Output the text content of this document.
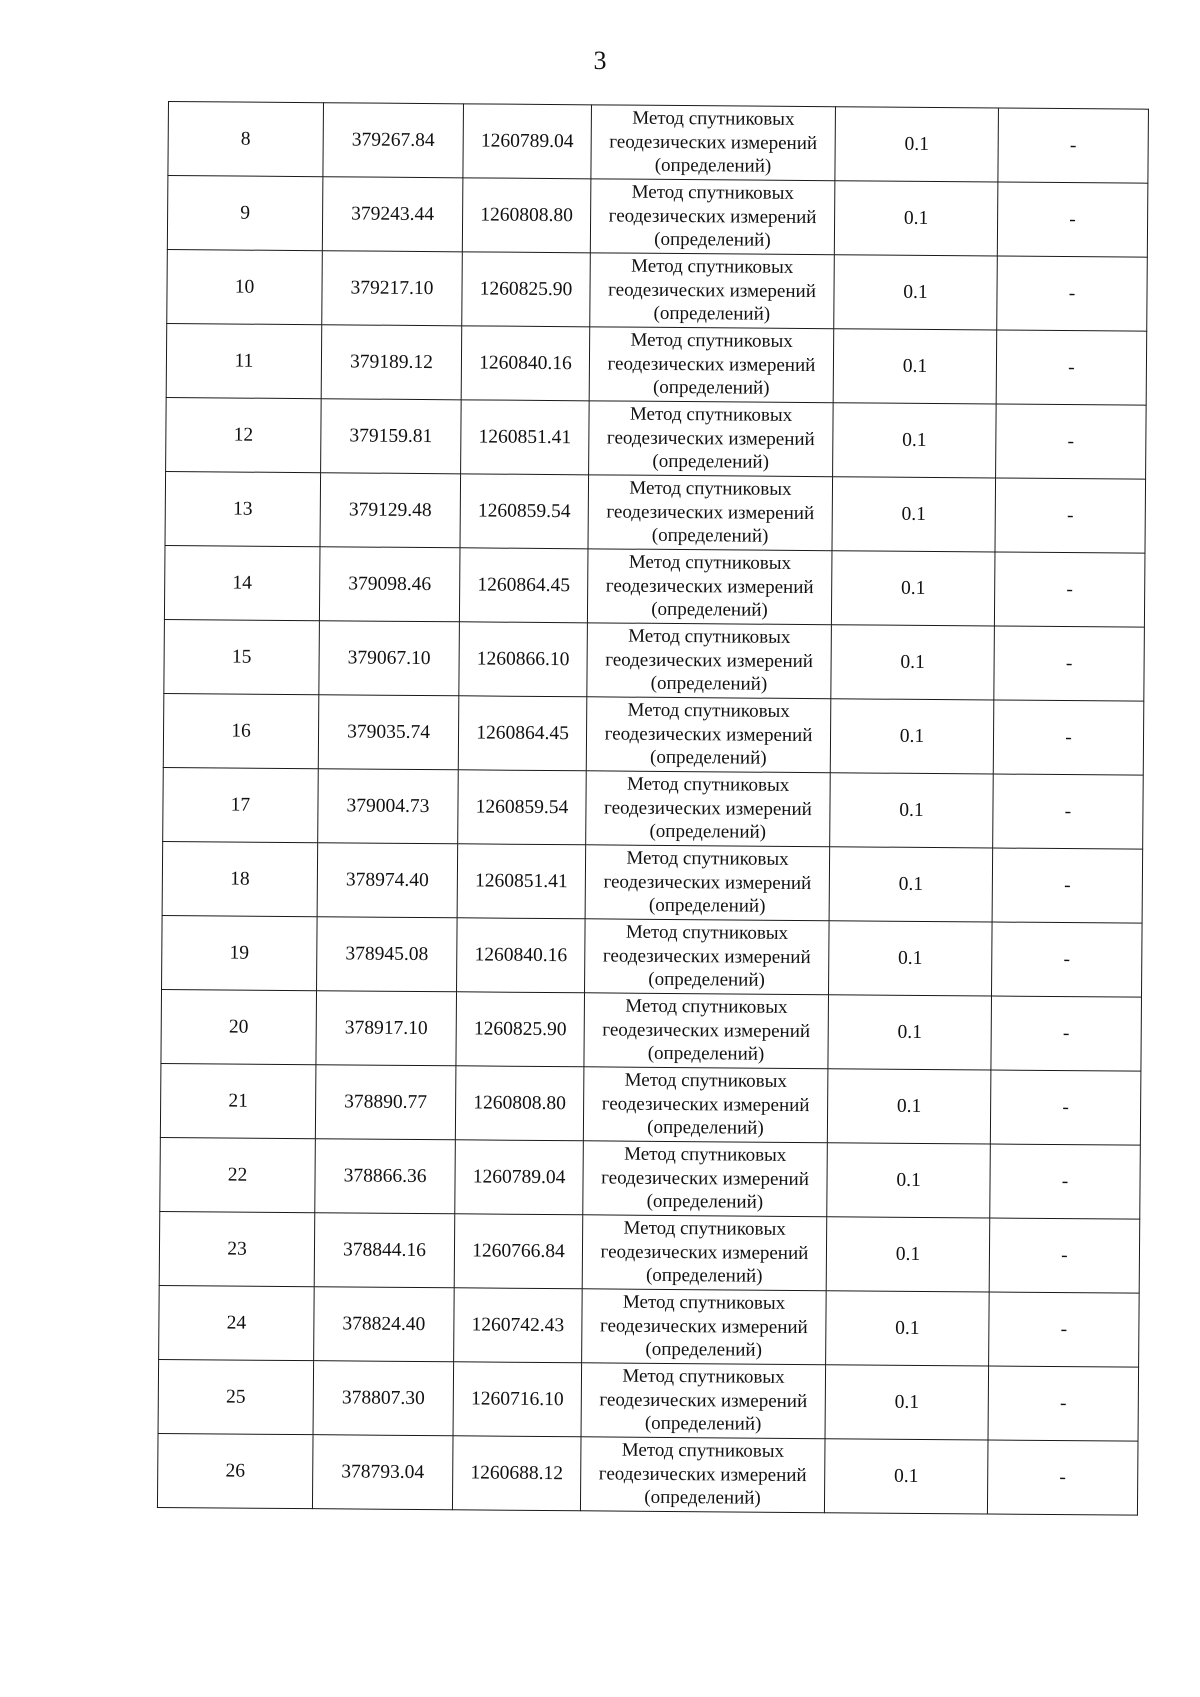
3
8	379267.84	1260789.04	Метод спутниковых
геодезических измерений
(определений)	0.1	-
9	379243.44	1260808.80	Метод спутниковых
геодезических измерений
(определений)	0.1	-
10	379217.10	1260825.90	Метод спутниковых
геодезических измерений
(определений)	0.1	-
11	379189.12	1260840.16	Метод спутниковых
геодезических измерений
(определений)	0.1	-
12	379159.81	1260851.41	Метод спутниковых
геодезических измерений
(определений)	0.1	-
13	379129.48	1260859.54	Метод спутниковых
геодезических измерений
(определений)	0.1	-
14	379098.46	1260864.45	Метод спутниковых
геодезических измерений
(определений)	0.1	-
15	379067.10	1260866.10	Метод спутниковых
геодезических измерений
(определений)	0.1	-
16	379035.74	1260864.45	Метод спутниковых
геодезических измерений
(определений)	0.1	-
17	379004.73	1260859.54	Метод спутниковых
геодезических измерений
(определений)	0.1	-
18	378974.40	1260851.41	Метод спутниковых
геодезических измерений
(определений)	0.1	-
19	378945.08	1260840.16	Метод спутниковых
геодезических измерений
(определений)	0.1	-
20	378917.10	1260825.90	Метод спутниковых
геодезических измерений
(определений)	0.1	-
21	378890.77	1260808.80	Метод спутниковых
геодезических измерений
(определений)	0.1	-
22	378866.36	1260789.04	Метод спутниковых
геодезических измерений
(определений)	0.1	-
23	378844.16	1260766.84	Метод спутниковых
геодезических измерений
(определений)	0.1	-
24	378824.40	1260742.43	Метод спутниковых
геодезических измерений
(определений)	0.1	-
25	378807.30	1260716.10	Метод спутниковых
геодезических измерений
(определений)	0.1	-
26	378793.04	1260688.12	Метод спутниковых
геодезических измерений
(определений)	0.1	-
